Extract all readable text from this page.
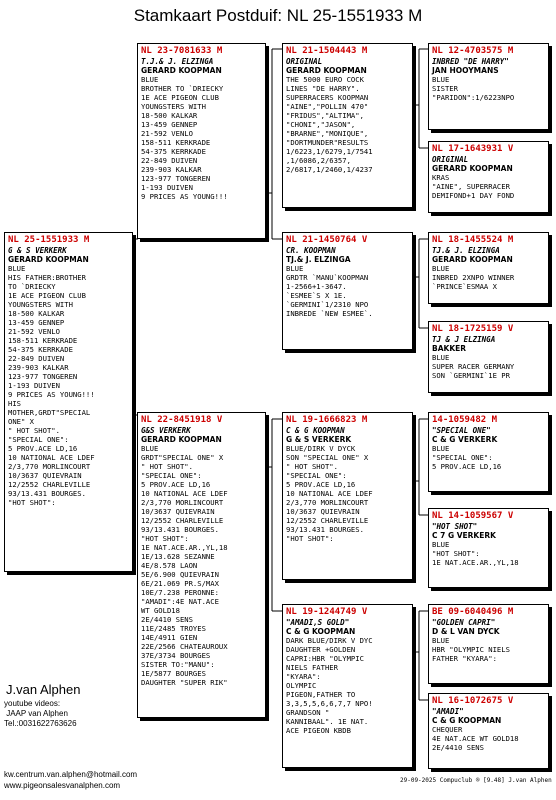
Stamkaart Postduif: NL 25-1551933 M
NL 25-1551933 M
G & S VERKERK
GERARD KOOPMAN
BLUE
HIS FATHER:BROTHER
TO `DRIECKY
1E ACE PIGEON CLUB
YOUNGSTERS WITH
18-500 KALKAR
13-459 GENNEP
21-592 VENLO
158-511 KERKRADE
54-375 KERRKADE
22-849 DUIVEN
239-903 KALKAR
123-977 TONGEREN
1-193 DUIVEN
9 PRICES AS YOUNG!!!
HIS
MOTHER,GRDT"SPECIAL
ONE" X
" HOT SHOT".
"SPECIAL ONE":
5 PROV.ACE LD,16
10 NATIONAL ACE LDEF
2/3,770 MORLINCOURT
10/3637 QUIEVRAIN
12/2552 CHARLEVILLE
93/13.431 BOURGES.
"HOT SHOT":
NL 23-7081633 M
T.J.& J. ELZINGA
GERARD KOOPMAN
BLUE
BROTHER TO `DRIECKY
1E ACE PIGEON CLUB
YOUNGSTERS WITH
18-500 KALKAR
13-459 GENNEP
21-592 VENLO
158-511 KERKRADE
54-375 KERRKADE
22-849 DUIVEN
239-903 KALKAR
123-977 TONGEREN
1-193 DUIVEN
9 PRICES AS YOUNG!!!
NL 22-8451918 V
G&S VERKERK
GERARD KOOPMAN
BLUE
GRDT"SPECIAL ONE" X
" HOT SHOT".
"SPECIAL ONE":
5 PROV.ACE LD,16
10 NATIONAL ACE LDEF
2/3,770 MORLINCOURT
10/3637 QUIEVRAIN
12/2552 CHARLEVILLE
93/13.431 BOURGES.
"HOT SHOT":
1E NAT.ACE.AR.,YL,18
1E/13.628 SEZANNE
4E/8.578 LAON
5E/6.900 QUIEVRAIN
6E/21.069 PR.S/MAX
10E/7.238 PERONNE:
"AMADI":4E NAT.ACE
WT GOLD18
2E/4410 SENS
11E/2485 TROYES
14E/4911 GIEN
22E/2566 CHATEAUROUX
37E/3734 BOURGES
SISTER TO:"MANU":
1E/5877 BOURGES
DAUGHTER "SUPER RIK"
NL 21-1504443 M
ORIGINAL
GERARD KOOPMAN
THE 5000 EURO COCK
LINES "DE HARRY".
SUPERRACERS KOOPMAN
"AINE","POLLIN 470"
"FRIDUS","ALTIMA",
"CHONI","JASON",
"BRARNE","MONIQUE",
"DORTMUNDER"RESULTS
1/6223,1/6279,1/7541
,1/6086,2/6357,
2/6817,1/2460,1/4237
NL 21-1450764 V
CR. KOOPMAN
TJ.& J. ELZINGA
BLUE
GRDTR `MANU`KOOPMAN
1-2566+1-3647.
`ESMEE`S X 1E.
`GERMINI`1/2310 NPO
INBREDE `NEW ESMEE`.
NL 19-1666823 M
C & G KOOPMAN
G & S VERKERK
BLUE/DIRK V DYCK
SON "SPECIAL ONE" X
" HOT SHOT".
"SPECIAL ONE":
5 PROV.ACE LD,16
10 NATIONAL ACE LDEF
2/3,770 MORLINCOURT
10/3637 QUIEVRAIN
12/2552 CHARLEVILLE
93/13.431 BOURGES.
"HOT SHOT":
NL 19-1244749 V
"AMADI,S GOLD"
C & G KOOPMAN
DARK BLUE/DIRK V DYC
DAUGHTER +GOLDEN
CAPRI:HBR "OLYMPIC
NIELS FATHER
"KYARA":
OLYMPIC
PIGEON,FATHER TO
3,3,5,5,6,6,7,7 NPO!
GRANDSON "
KANNIBAAL". 1E NAT.
ACE PIGEON KBDB
NL 12-4703575 M
INBRED "DE HARRY"
JAN HOOYMANS
BLUE
SISTER
"PARIDON":1/6223NPO
NL 17-1643931 V
ORIGINAL
GERARD KOOPMAN
KRAS
"AINE", SUPERRACER
DEMIFOND+1 DAY FOND
NL 18-1455524 M
TJ.& J. ELZINGA
GERARD KOOPMAN
BLUE
INBRED 2XNPO WINNER
`PRINCE`ESMAA X
NL 18-1725159 V
TJ & J ELZINGA
BAKKER
BLUE
SUPER RACER GERMANY
SON `GERMINI`1E PR
14-1059482 M
"SPECIAL ONE"
C & G VERKERK
BLUE
"SPECIAL ONE":
5 PROV.ACE LD,16
NL 14-1059567 V
"HOT SHOT"
C 7 G VERKERK
BLUE
"HOT SHOT":
1E NAT.ACE.AR.,YL,18
BE 09-6040496 M
"GOLDEN CAPRI"
D & L VAN DYCK
BLUE
HBR "OLYMPIC NIELS
FATHER "KYARA":
NL 16-1072675 V
"AMADI"
C & G KOOPMAN
CHEQUER
4E NAT.ACE WT GOLD18
2E/4410 SENS
J.van Alphen
youtube videos:
JAAP van Alphen
Tel.:0031622763626
kw.centrum.van.alphen@hotmail.com
www.pigeonsalesvanalphen.com
29-09-2025 Compuclub ® [9.48] J.van Alphen
